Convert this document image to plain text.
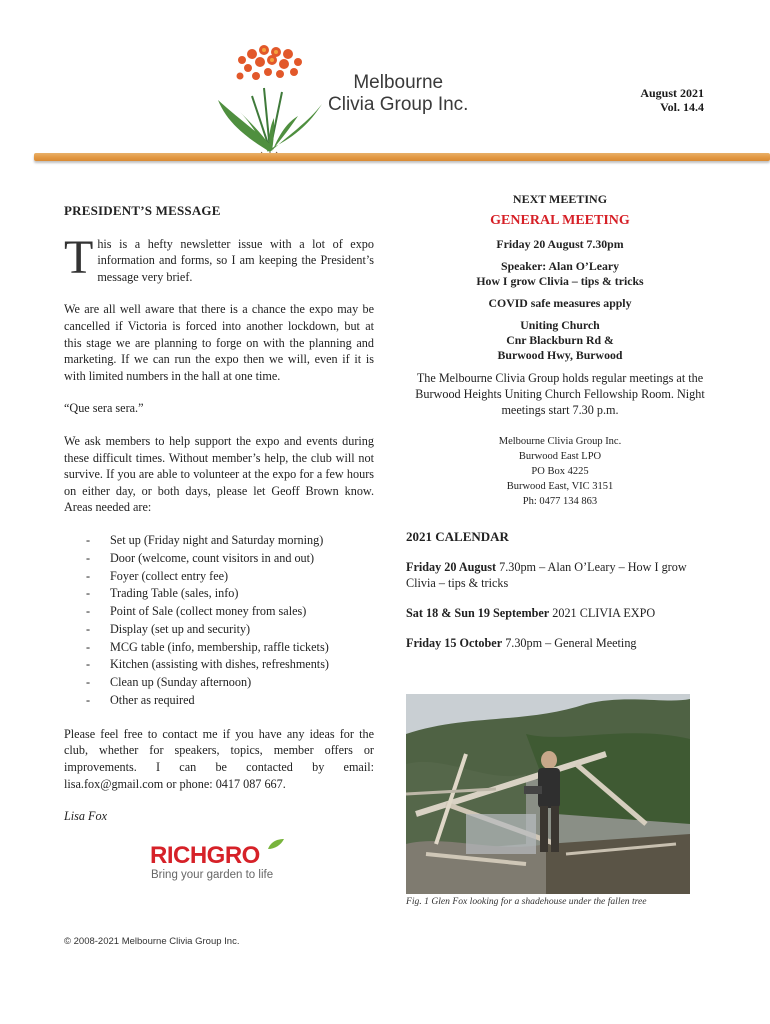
Melbourne
Clivia Group Inc.
August 2021
Vol. 14.4
PRESIDENT’S MESSAGE

This is a hefty newsletter issue with a lot of expo information and forms, so I am keeping the President’s message very brief.

We are all well aware that there is a chance the expo may be cancelled if Victoria is forced into another lockdown, but at this stage we are planning to forge on with the planning and marketing. If we can run the expo then we will, even if it is with limited numbers in the hall at one time.

“Que sera sera.”

We ask members to help support the expo and events during these difficult times. Without member’s help, the club will not survive. If you are able to volunteer at the expo for a few hours on either day, or both days, please let Geoff Brown know. Areas needed are:

-	Set up (Friday night and Saturday morning)
-	Door (welcome, count visitors in and out)
-	Foyer (collect entry fee)
-	Trading Table (sales, info)
-	Point of Sale (collect money from sales)
-	Display (set up and security)
-	MCG table (info, membership, raffle tickets)
-	Kitchen (assisting with dishes, refreshments)
-	Clean up (Sunday afternoon)
-	Other as required

Please feel free to contact me if you have any ideas for the club, whether for speakers, topics, member offers or improvements. I can be contacted by email: lisa.fox@gmail.com or phone: 0417 087 667.

Lisa Fox

RICHGRO
Bring your garden to life
© 2008-2021 Melbourne Clivia Group Inc.
NEXT MEETING
GENERAL MEETING
Friday 20 August 7.30pm
Speaker: Alan O’Leary
How I grow Clivia – tips & tricks
COVID safe measures apply
Uniting Church
Cnr Blackburn Rd &
Burwood Hwy, Burwood
The Melbourne Clivia Group holds regular meetings at the Burwood Heights Uniting Church Fellowship Room. Night meetings start 7.30 p.m.
Melbourne Clivia Group Inc.
Burwood East LPO
PO Box 4225
Burwood East, VIC 3151
Ph: 0477 134 863
2021 CALENDAR

Friday 20 August 7.30pm – Alan O’Leary – How I grow Clivia – tips & tricks

Sat 18 & Sun 19 September 2021 CLIVIA EXPO

Friday 15 October 7.30pm – General Meeting

Fig. 1 Glen Fox looking for a shadehouse under the fallen tree
